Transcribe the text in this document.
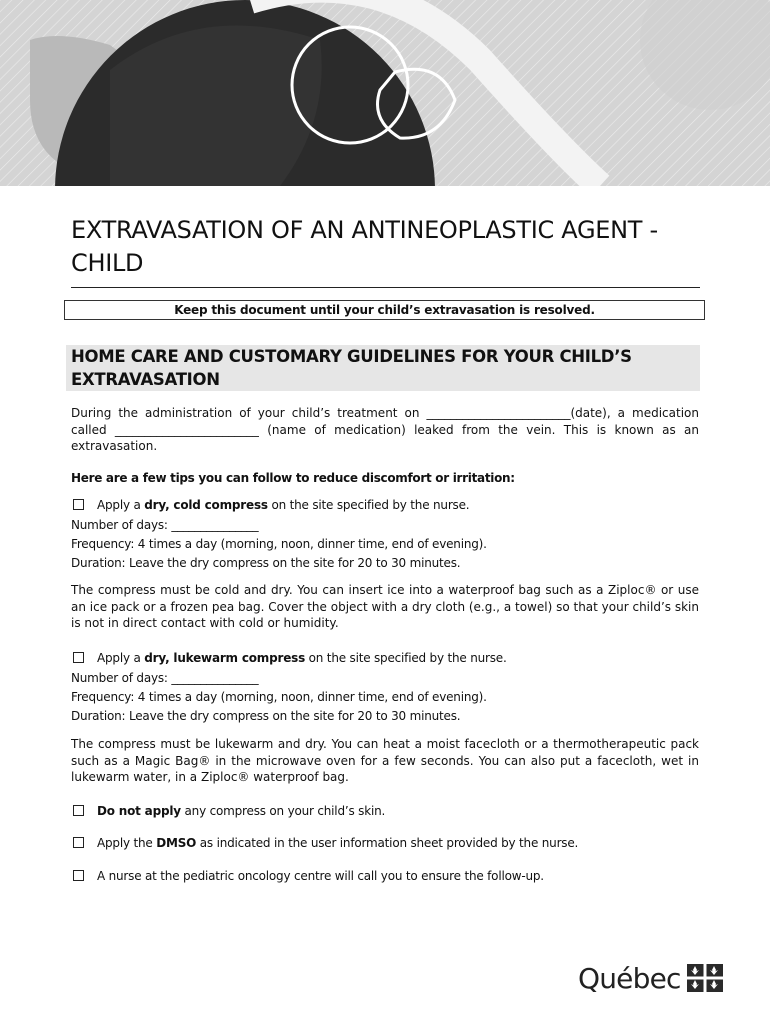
EXTRAVASATION OF AN ANTINEOPLASTIC AGENT - CHILD
Keep this document until your child’s extravasation is resolved.
HOME CARE AND CUSTOMARY GUIDELINES FOR YOUR CHILD’S EXTRAVASATION

During the administration of your child’s treatment on ________________________(date), a medication called ________________________ (name of medication) leaked from the vein. This is known as an extravasation.

Here are a few tips you can follow to reduce discomfort or irritation:

Apply a dry, cold compress on the site specified by the nurse.

Number of days: _______________

Frequency: 4 times a day (morning, noon, dinner time, end of evening).

Duration: Leave the dry compress on the site for 20 to 30 minutes.

The compress must be cold and dry. You can insert ice into a waterproof bag such as a Ziploc® or use an ice pack or a frozen pea bag. Cover the object with a dry cloth (e.g., a towel) so that your child’s skin is not in direct contact with cold or humidity.

Apply a dry, lukewarm compress on the site specified by the nurse.

Number of days: _______________

Frequency: 4 times a day (morning, noon, dinner time, end of evening).

Duration: Leave the dry compress on the site for 20 to 30 minutes.

The compress must be lukewarm and dry. You can heat a moist facecloth or a thermotherapeutic pack such as a Magic Bag® in the microwave oven for a few seconds. You can also put a facecloth, wet in lukewarm water, in a Ziploc® waterproof bag.

Do not apply any compress on your child’s skin.
Apply the DMSO as indicated in the user information sheet provided by the nurse.
A nurse at the pediatric oncology centre will call you to ensure the follow-up.
Québec
